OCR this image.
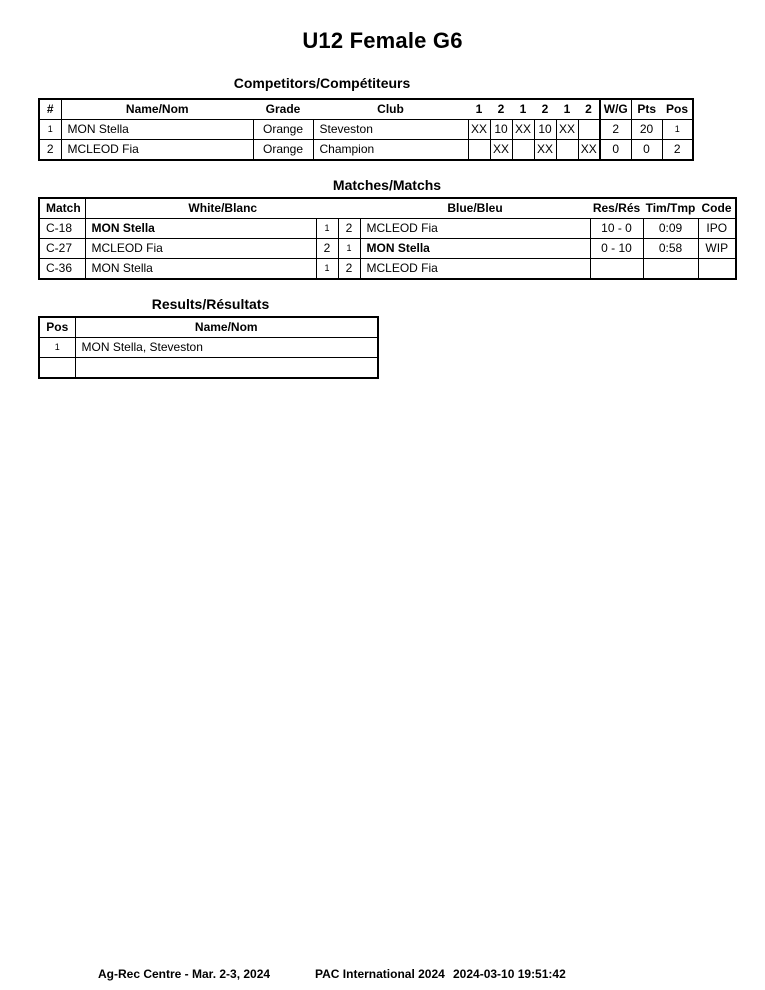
U12 Female G6
Competitors/Compétiteurs
#	Name/Nom	Grade	Club	1	2	1	2	1	2	W/G	Pts	Pos
1	MON Stella	Orange	Steveston	XX	10	XX	10	XX		2	20	1
2	MCLEOD Fia	Orange	Champion		XX		XX		XX	0	0	2
Matches/Matchs
Match	White/Blanc			Blue/Bleu	Res/Rés	Tim/Tmp	Code
C-18	MON Stella	1	2	MCLEOD Fia	10 - 0	0:09	IPO
C-27	MCLEOD Fia	2	1	MON Stella	0 - 10	0:58	WIP
C-36	MON Stella	1	2	MCLEOD Fia			
Results/Résultats
Pos	Name/Nom
1	MON Stella, Steveston

Ag-Rec Centre - Mar. 2-3, 2024	PAC International 2024 2024-03-10 19:51:42
